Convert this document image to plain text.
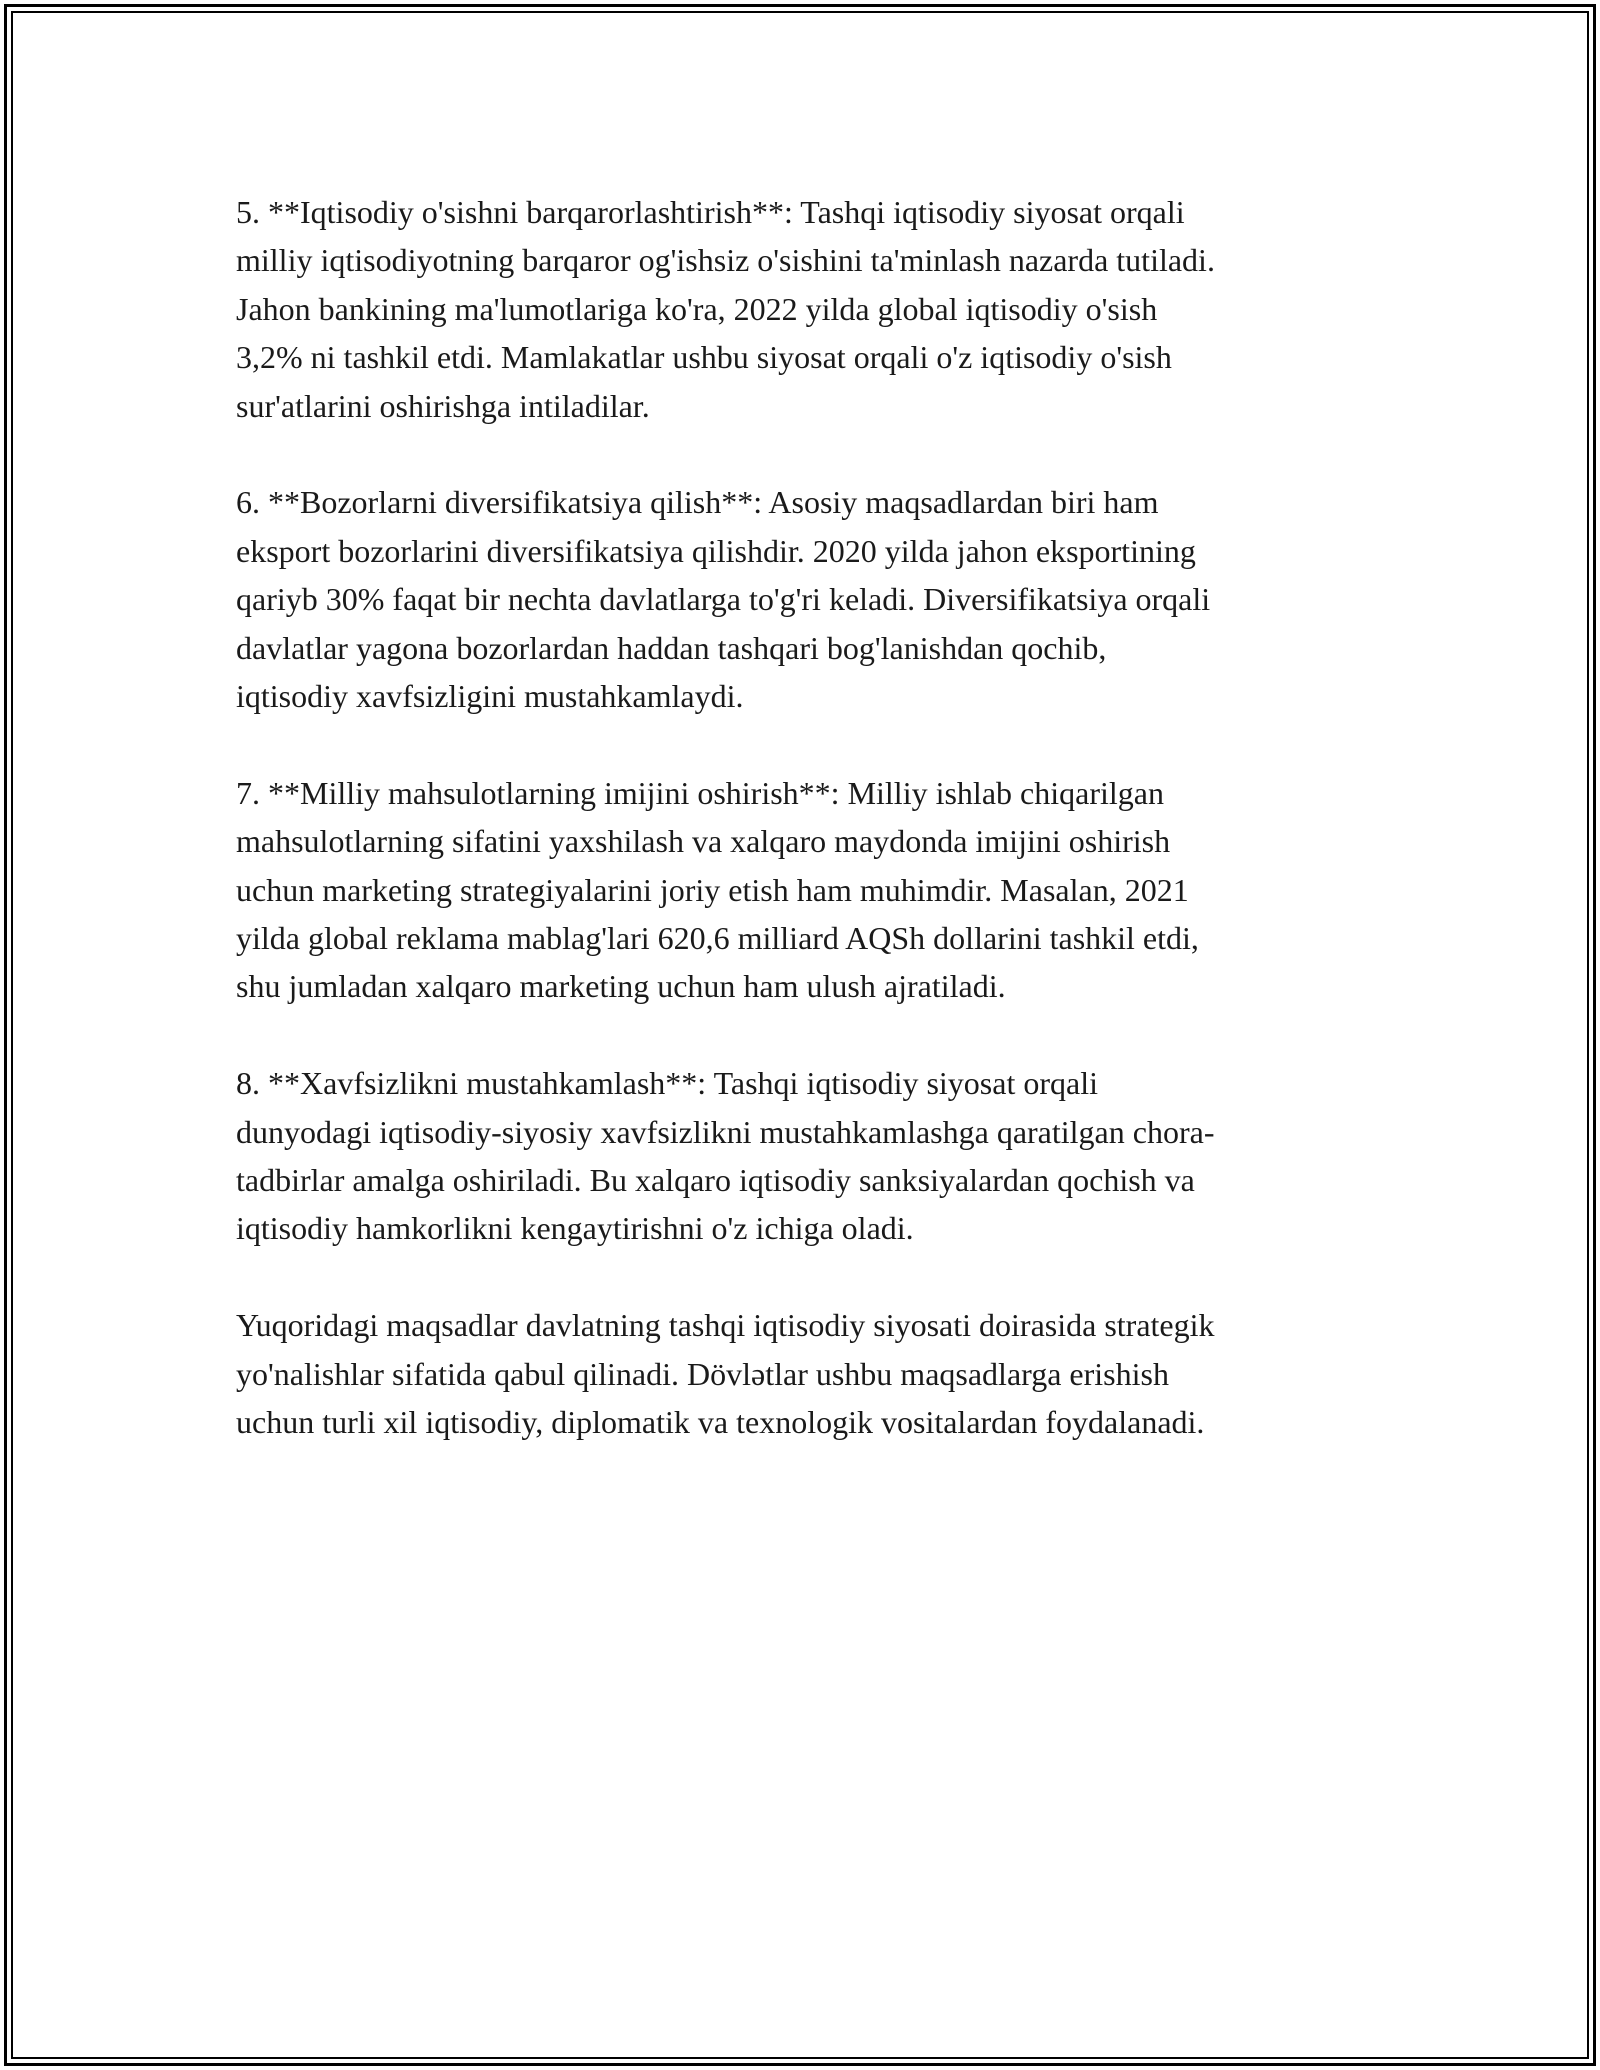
5. **Iqtisodiy o'sishni barqarorlashtirish**: Tashqi iqtisodiy siyosat orqali
milliy iqtisodiyotning barqaror og'ishsiz o'sishini ta'minlash nazarda tutiladi.
Jahon bankining ma'lumotlariga ko'ra, 2022 yilda global iqtisodiy o'sish
3,2% ni tashkil etdi. Mamlakatlar ushbu siyosat orqali o'z iqtisodiy o'sish
sur'atlarini oshirishga intiladilar.

6. **Bozorlarni diversifikatsiya qilish**: Asosiy maqsadlardan biri ham
eksport bozorlarini diversifikatsiya qilishdir. 2020 yilda jahon eksportining
qariyb 30% faqat bir nechta davlatlarga to'g'ri keladi. Diversifikatsiya orqali
davlatlar yagona bozorlardan haddan tashqari bog'lanishdan qochib,
iqtisodiy xavfsizligini mustahkamlaydi.

7. **Milliy mahsulotlarning imijini oshirish**: Milliy ishlab chiqarilgan
mahsulotlarning sifatini yaxshilash va xalqaro maydonda imijini oshirish
uchun marketing strategiyalarini joriy etish ham muhimdir. Masalan, 2021
yilda global reklama mablag'lari 620,6 milliard AQSh dollarini tashkil etdi,
shu jumladan xalqaro marketing uchun ham ulush ajratiladi.

8. **Xavfsizlikni mustahkamlash**: Tashqi iqtisodiy siyosat orqali
dunyodagi iqtisodiy-siyosiy xavfsizlikni mustahkamlashga qaratilgan chora-
tadbirlar amalga oshiriladi. Bu xalqaro iqtisodiy sanksiyalardan qochish va
iqtisodiy hamkorlikni kengaytirishni o'z ichiga oladi.

Yuqoridagi maqsadlar davlatning tashqi iqtisodiy siyosati doirasida strategik
yo'nalishlar sifatida qabul qilinadi. Dövlətlar ushbu maqsadlarga erishish
uchun turli xil iqtisodiy, diplomatik va texnologik vositalardan foydalanadi.
